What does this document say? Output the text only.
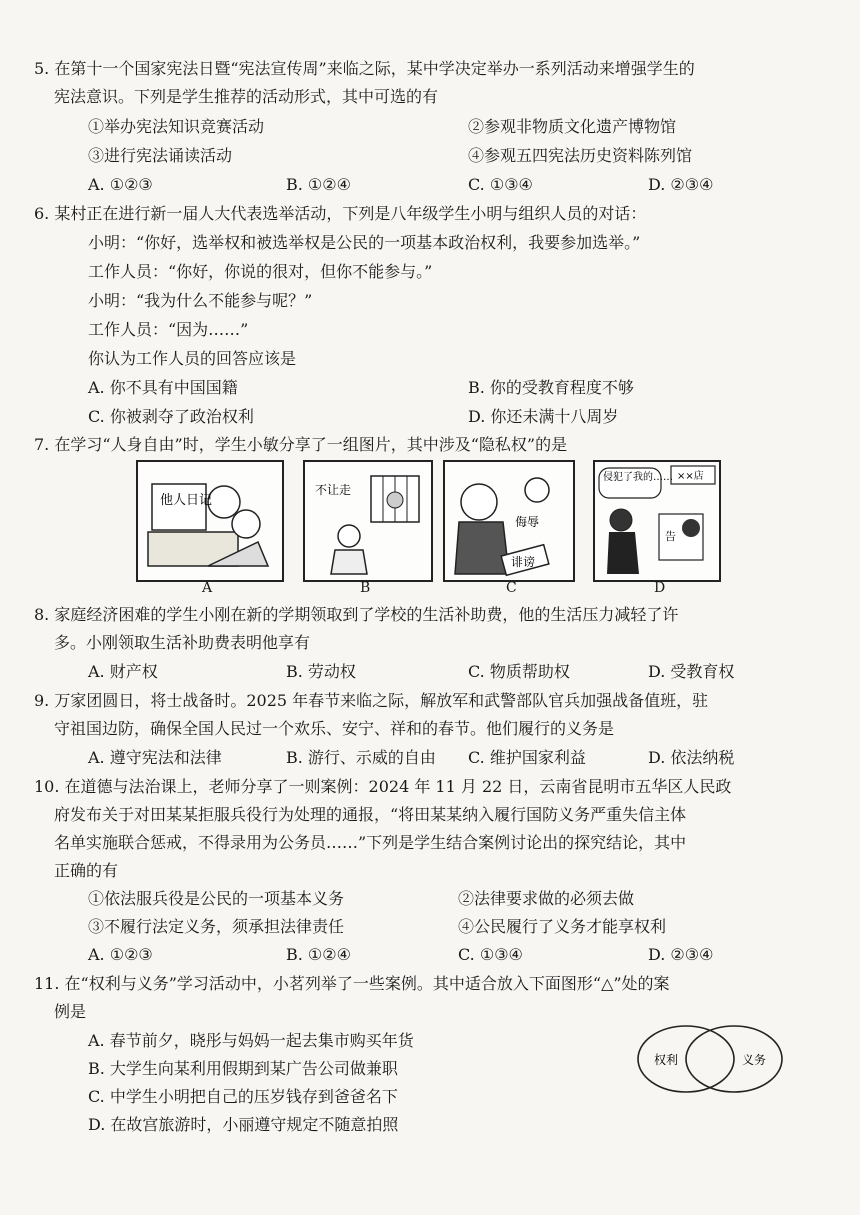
5. 在第十一个国家宪法日暨“宪法宣传周”来临之际，某中学决定举办一系列活动来增强学生的
宪法意识。下列是学生推荐的活动形式，其中可选的有
①举办宪法知识竞赛活动	②参观非物质文化遗产博物馆
③进行宪法诵读活动	④参观五四宪法历史资料陈列馆
A. ①②③	B. ①②④	C. ①③④	D. ②③④
6. 某村正在进行新一届人大代表选举活动，下列是八年级学生小明与组织人员的对话：
小明：“你好，选举权和被选举权是公民的一项基本政治权利，我要参加选举。”
工作人员：“你好，你说的很对，但你不能参与。”
小明：“我为什么不能参与呢？”
工作人员：“因为……”
你认为工作人员的回答应该是
A. 你不具有中国国籍	B. 你的受教育程度不够
C. 你被剥夺了政治权利	D. 你还未满十八周岁
7. 在学习“人身自由”时，学生小敏分享了一组图片，其中涉及“隐私权”的是
他人日记
不让走
侮辱
诽谤
侵犯了我的…… ××店
告
A	B	C	D
8. 家庭经济困难的学生小刚在新的学期领取到了学校的生活补助费，他的生活压力减轻了许
多。小刚领取生活补助费表明他享有
A. 财产权	B. 劳动权	C. 物质帮助权	D. 受教育权
9. 万家团圆日，将士战备时。2025 年春节来临之际，解放军和武警部队官兵加强战备值班，驻
守祖国边防，确保全国人民过一个欢乐、安宁、祥和的春节。他们履行的义务是
A. 遵守宪法和法律	B. 游行、示威的自由 C. 维护国家利益	D. 依法纳税
10. 在道德与法治课上，老师分享了一则案例：2024 年 11 月 22 日，云南省昆明市五华区人民政
府发布关于对田某某拒服兵役行为处理的通报，“将田某某纳入履行国防义务严重失信主体
名单实施联合惩戒，不得录用为公务员……”下列是学生结合案例讨论出的探究结论，其中
正确的有
①依法服兵役是公民的一项基本义务	②法律要求做的必须去做
③不履行法定义务，须承担法律责任	④公民履行了义务才能享权利
A. ①②③	B. ①②④	C. ①③④	D. ②③④
11. 在“权利与义务”学习活动中，小茗列举了一些案例。其中适合放入下面图形“△”处的案
例是
A. 春节前夕，晓彤与妈妈一起去集市购买年货
B. 大学生向某利用假期到某广告公司做兼职
C. 中学生小明把自己的压岁钱存到爸爸名下
D. 在故宫旅游时，小丽遵守规定不随意拍照
权利	义务
